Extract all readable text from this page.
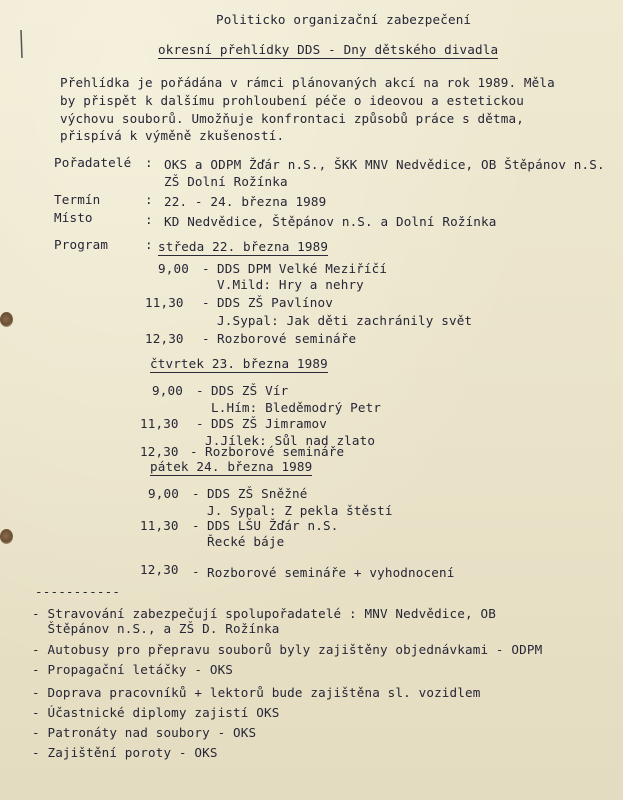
Politicko organizační zabezpečení
okresní přehlídky DDS - Dny dětského divadla
Přehlídka je pořádána v rámci plánovaných akcí na rok 1989. Měla
by přispět k dalšímu prohloubení péče o ideovou a estetickou
výchovu souborů. Umožňuje konfrontaci způsobů práce s dětma,
přispívá k výměně zkušeností.
Pořadatelé : OKS a ODPM Žďár n.S., ŠKK MNV Nedvědice, OB Štěpánov n.S.
ZŠ Dolní Rožínka
Termín	: 22. - 24. března 1989
Místo	: KD Nedvědice, Štěpánov n.S. a Dolní Rožínka
Program	: středa 22. března 1989
9,00 - DDS DPM Velké Meziříčí
V.Mild: Hry a nehry
11,30 - DDS ZŠ Pavlínov
J.Sypal: Jak děti zachránily svět
12,30 - Rozborové semináře
čtvrtek 23. března 1989
9,00 - DDS ZŠ Vír
L.Hím: Bleděmodrý Petr
11,30 - DDS ZŠ Jimramov
J.Jílek: Sůl nad zlato
12,30 - Rozborové semináře
pátek 24. března 1989
9,00 - DDS ZŠ Sněžné
J. Sypal: Z pekla štěstí
11,30 - DDS LŠU Žďár n.S.
Řecké báje
12,30 - Rozborové semináře + vyhodnocení
-----------
- Stravování zabezpečují spolupořadatelé : MNV Nedvědice, OB
Štěpánov n.S., a ZŠ D. Rožínka
- Autobusy pro přepravu souborů byly zajištěny objednávkami - ODPM
- Propagační letáčky - OKS
- Doprava pracovníků + lektorů bude zajištěna sl. vozidlem
- Účastnické diplomy zajistí OKS
- Patronáty nad soubory - OKS
- Zajištění poroty - OKS
